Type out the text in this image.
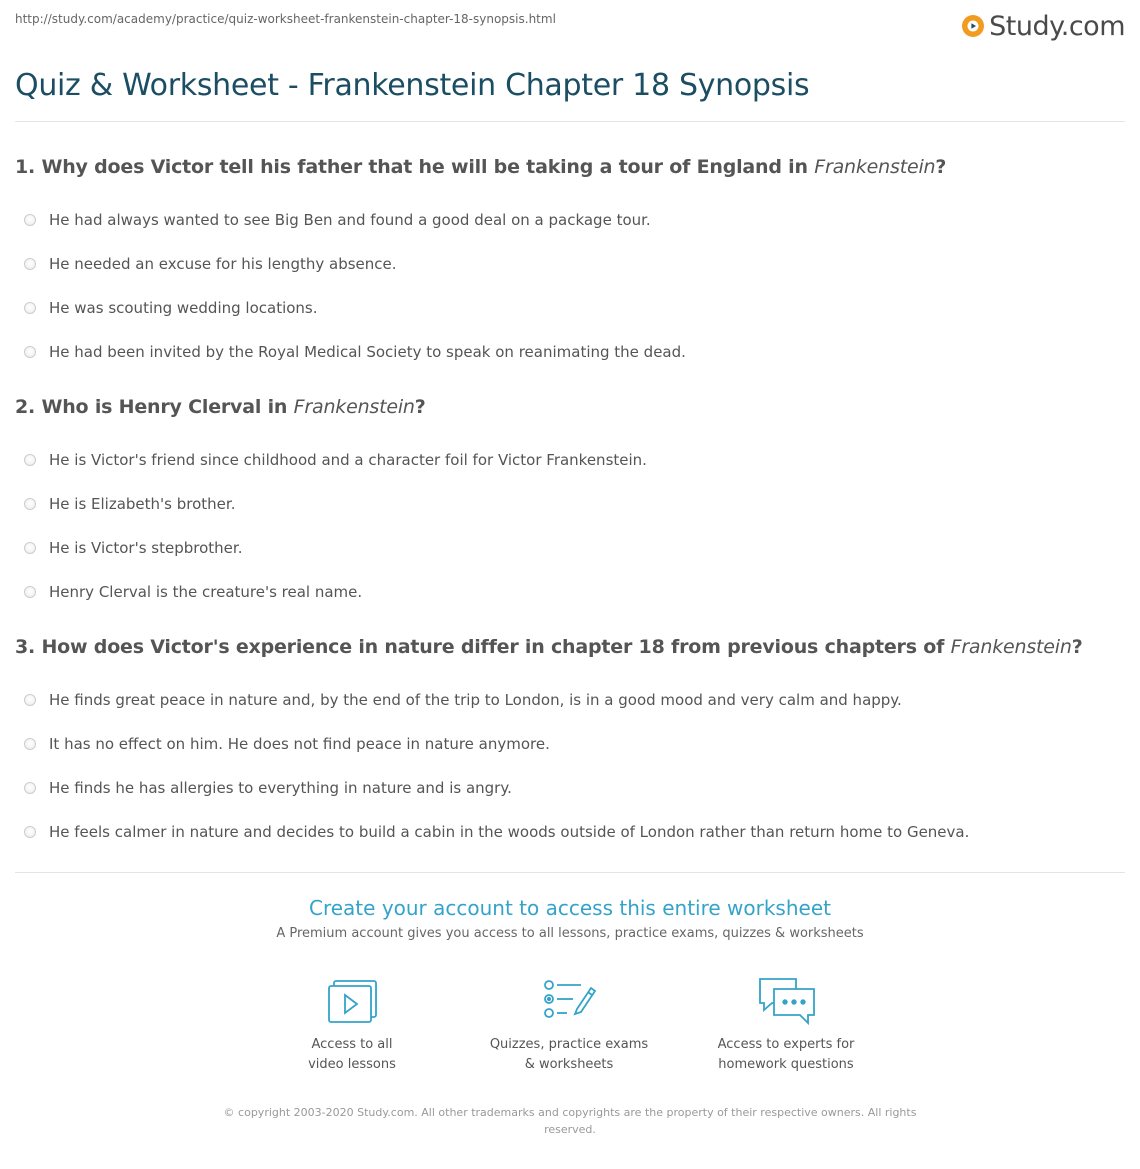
http://study.com/academy/practice/quiz-worksheet-frankenstein-chapter-18-synopsis.html	Study.com
Quiz & Worksheet - Frankenstein Chapter 18 Synopsis
1. Why does Victor tell his father that he will be taking a tour of England in Frankenstein?
He had always wanted to see Big Ben and found a good deal on a package tour.
He needed an excuse for his lengthy absence.
He was scouting wedding locations.
He had been invited by the Royal Medical Society to speak on reanimating the dead.
2. Who is Henry Clerval in Frankenstein?
He is Victor's friend since childhood and a character foil for Victor Frankenstein.
He is Elizabeth's brother.
He is Victor's stepbrother.
Henry Clerval is the creature's real name.
3. How does Victor's experience in nature differ in chapter 18 from previous chapters of Frankenstein?
He finds great peace in nature and, by the end of the trip to London, is in a good mood and very calm and happy.
It has no effect on him. He does not find peace in nature anymore.
He finds he has allergies to everything in nature and is angry.
He feels calmer in nature and decides to build a cabin in the woods outside of London rather than return home to Geneva.
Create your account to access this entire worksheet
A Premium account gives you access to all lessons, practice exams, quizzes & worksheets
Access to all
video lessons
Quizzes, practice exams
& worksheets
Access to experts for
homework questions
© copyright 2003-2020 Study.com. All other trademarks and copyrights are the property of their respective owners. All rights
reserved.
